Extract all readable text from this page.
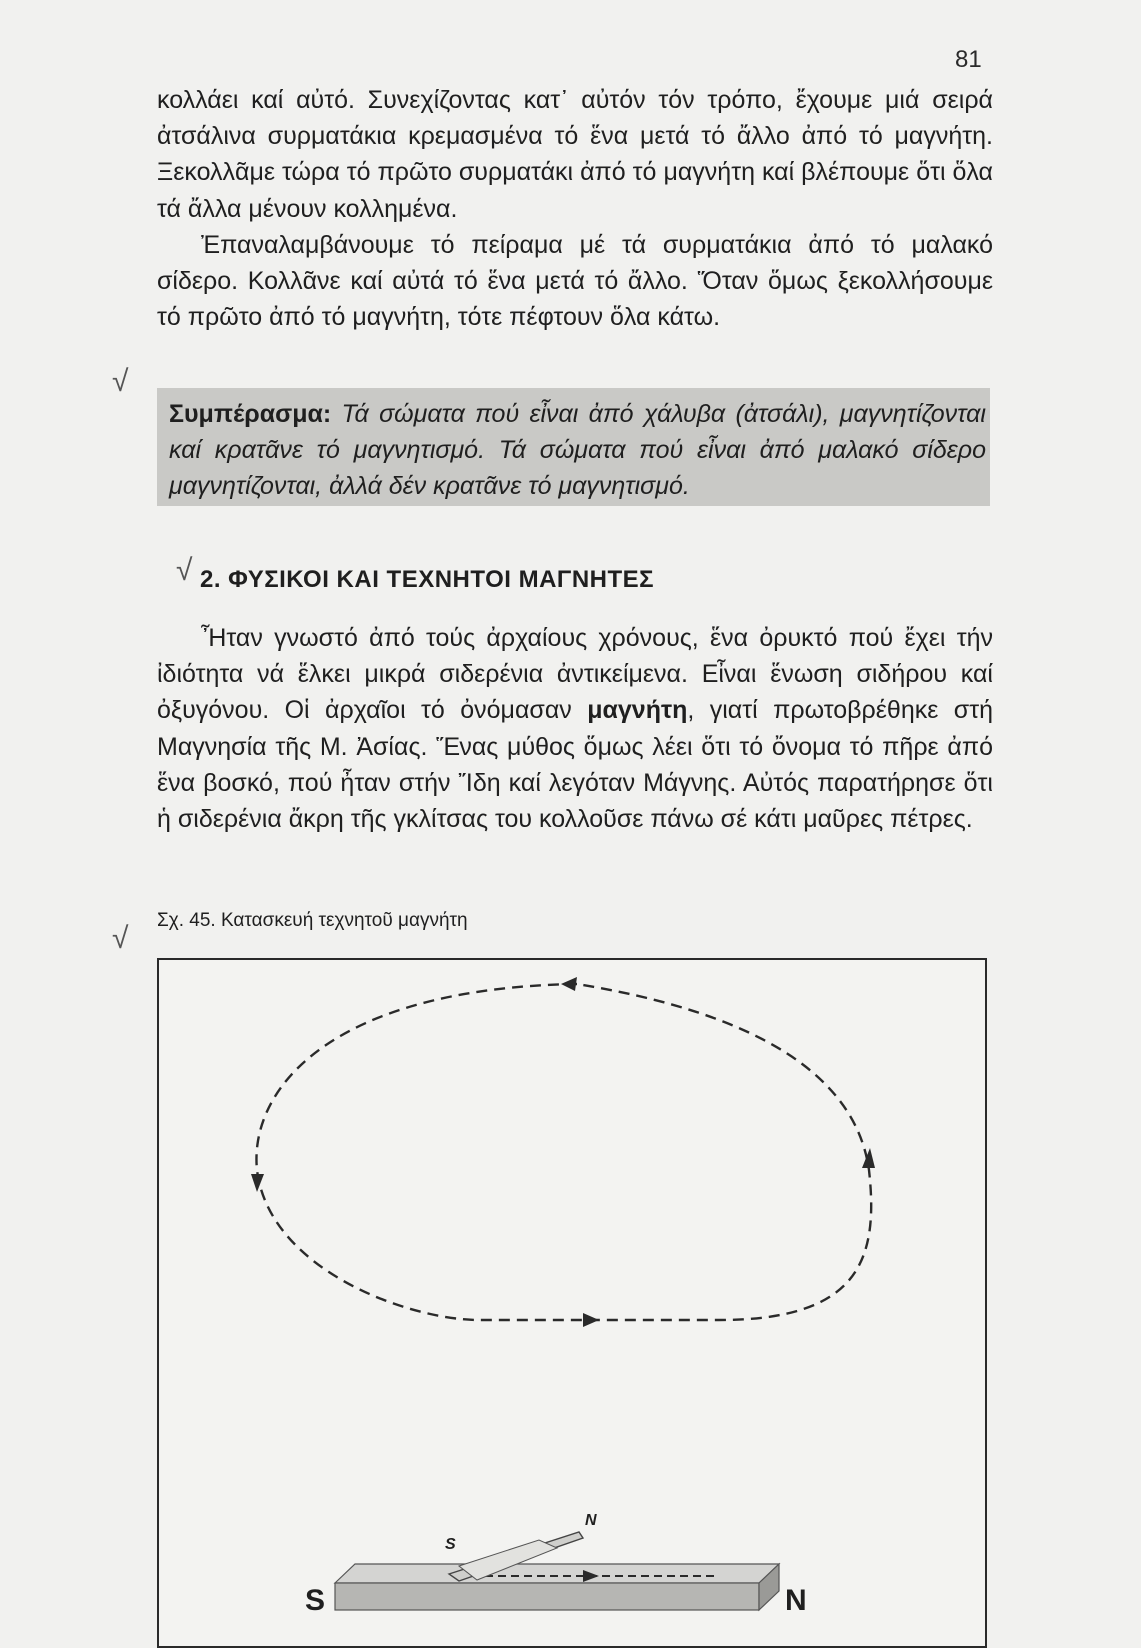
81

κολλάει καί αὐτό. Συνεχίζοντας κατ᾿ αὐτόν τόν τρόπο, ἔχουμε μιά σειρά ἀτσάλινα συρματάκια κρεμασμένα τό ἕνα μετά τό ἄλλο ἀπό τό μαγνήτη. Ξεκολλᾶμε τώρα τό πρῶτο συρματάκι ἀπό τό μαγνήτη καί βλέπουμε ὅτι ὅλα τά ἄλλα μένουν κολλημένα.

Ἐπαναλαμβάνουμε τό πείραμα μέ τά συρματάκια ἀπό τό μαλακό σίδερο. Κολλᾶνε καί αὐτά τό ἕνα μετά τό ἄλλο. Ὅταν ὅμως ξεκολλήσουμε τό πρῶτο ἀπό τό μαγνήτη, τότε πέφτουν ὅλα κάτω.

√
Συμπέρασμα: Τά σώματα πού εἶναι ἀπό χάλυβα (ἀτσάλι), μαγνητίζονται καί κρατᾶνε τό μαγνητισμό. Τά σώματα πού εἶναι ἀπό μαλακό σίδερο μαγνητίζονται, ἀλλά δέν κρατᾶνε τό μαγνητισμό.
√ 2. ΦΥΣΙΚΟΙ ΚΑΙ ΤΕΧΝΗΤΟΙ ΜΑΓΝΗΤΕΣ

Ἦταν γνωστό ἀπό τούς ἀρχαίους χρόνους, ἕνα ὀρυκτό πού ἔχει τήν ἰδιότητα νά ἕλκει μικρά σιδερένια ἀντικείμενα. Εἶναι ἕνωση σιδήρου καί ὀξυγόνου. Οἱ ἀρχαῖοι τό ὀνόμασαν μαγνήτη, γιατί πρωτοβρέθηκε στή Μαγνησία τῆς Μ. Ἀσίας. Ἕνας μύθος ὅμως λέει ὅτι τό ὄνομα τό πῆρε ἀπό ἕνα βοσκό, πού ἦταν στήν Ἴδη καί λεγόταν Μάγνης. Αὐτός παρατήρησε ὅτι ἡ σιδερένια ἄκρη τῆς γκλίτσας του κολλοῦσε πάνω σέ κάτι μαῦρες πέτρες.

√
Σχ. 45. Κατασκευή τεχνητοῦ μαγνήτη
S
N
S	N
